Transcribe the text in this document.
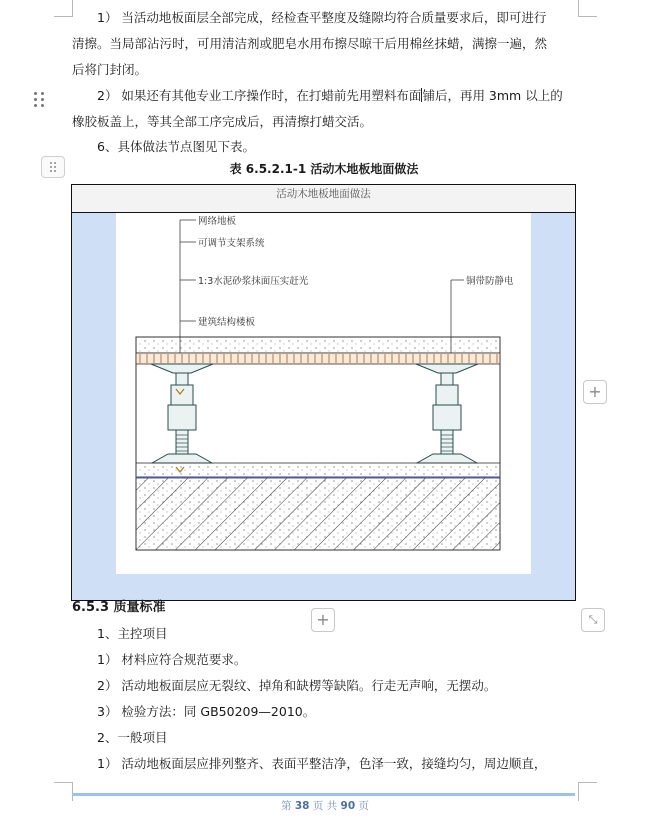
1） 当活动地板面层全部完成，经检查平整度及缝隙均符合质量要求后，即可进行
清擦。当局部沾污时，可用清洁剂或肥皂水用布擦尽晾干后用棉丝抹蜡，满擦一遍，然
后将门封闭。
2） 如果还有其他专业工序操作时，在打蜡前先用塑料布面铺后，再用 3mm 以上的
橡胶板盖上，等其全部工序完成后，再清擦打蜡交活。
6、具体做法节点图见下表。
表 6.5.2.1-1 活动木地板地面做法
活动木地板地面做法
网络地板
可调节支架系统
1:3水泥砂浆抹面压实赶光
建筑结构楼板
铜带防静电
+
+	⤡
6.5.3 质量标准
1、主控项目
1） 材料应符合规范要求。
2） 活动地板面层应无裂纹、掉角和缺楞等缺陷。行走无声响，无摆动。
3） 检验方法：同 GB50209—2010。
2、一般项目
1） 活动地板面层应排列整齐、表面平整洁净，色泽一致，接缝均匀，周边顺直，
第 38 页 共 90 页
